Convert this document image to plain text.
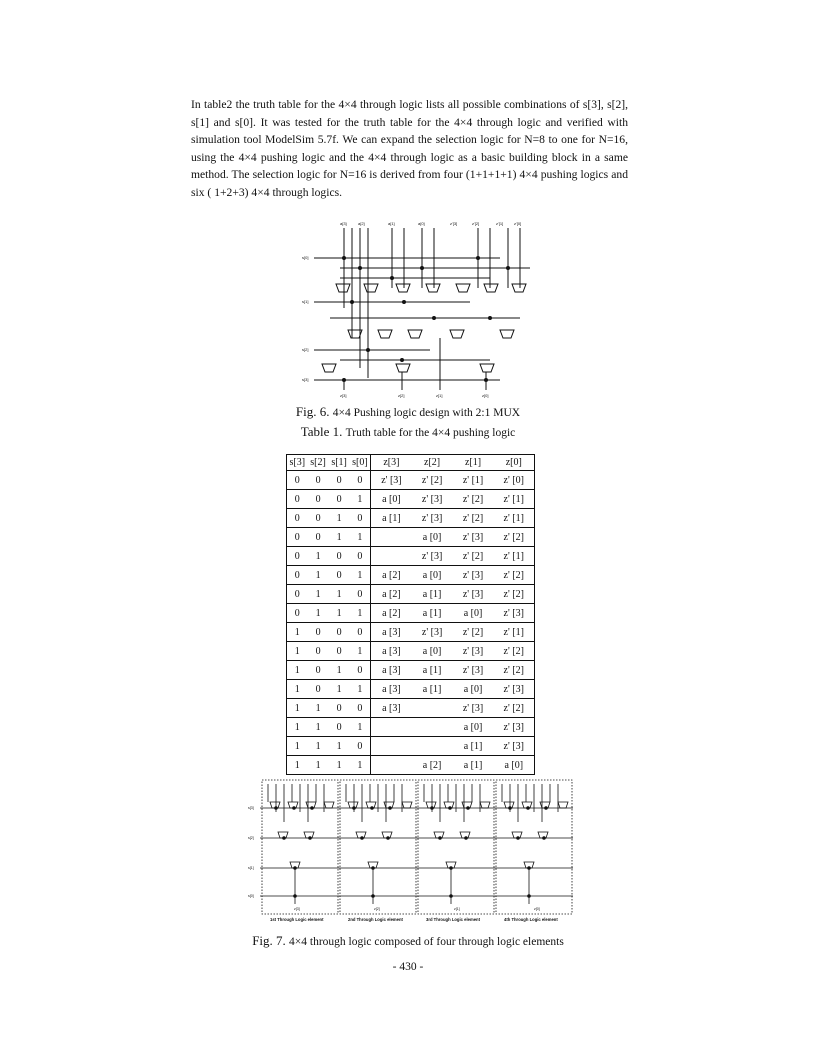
In table2 the truth table for the 4×4 through logic lists all possible combinations of s[3], s[2], s[1] and s[0]. It was tested for the truth table for the 4×4 through logic and verified with simulation tool ModelSim 5.7f. We can expand the selection logic for N=8 to one for N=16, using the 4×4 pushing logic and the 4×4 through logic as a basic building block in a same method. The selection logic for N=16 is derived from four (1+1+1+1) 4×4 pushing logics and six ( 1+2+3) 4×4 through logics.

a[3]	a[2]	a[1]	a[0]	z'[3]	z'[2]	z'[1]	z'[0]
s[0]
s[1]
s[2]
s[3]
z[3]	z[2]	z[1]	z[0]
Fig. 6. 4×4 Pushing logic design with 2:1 MUX
Table 1. Truth table for the 4×4 pushing logic
s[3]	s[2]	s[1]	s[0]	z[3]	z[2]	z[1]	z[0]
0	0	0	0	z' [3]	z' [2]	z' [1]	z' [0]
0	0	0	1	a [0]	z' [3]	z' [2]	z' [1]
0	0	1	0	a [1]	z' [3]	z' [2]	z' [1]
0	0	1	1		a [0]	z' [3]	z' [2]
0	1	0	0		z' [3]	z' [2]	z' [1]
0	1	0	1	a [2]	a [0]	z' [3]	z' [2]
0	1	1	0	a [2]	a [1]	z' [3]	z' [2]
0	1	1	1	a [2]	a [1]	a [0]	z' [3]
1	0	0	0	a [3]	z' [3]	z' [2]	z' [1]
1	0	0	1	a [3]	a [0]	z' [3]	z' [2]
1	0	1	0	a [3]	a [1]	z' [3]	z' [2]
1	0	1	1	a [3]	a [1]	a [0]	z' [3]
1	1	0	0	a [3]		z' [3]	z' [2]
1	1	0	1			a [0]	z' [3]
1	1	1	0			a [1]	z' [3]
1	1	1	1		a [2]	a [1]	a [0]
s[3]
s[2]
s[1]
s[0]
z[3]	z[2]	z[1]	z[0]
1st Through Logic element	2nd Through Logic element	3rd Through Logic element	4th Through Logic element
Fig. 7. 4×4 through logic composed of four through logic elements
- 430 -
